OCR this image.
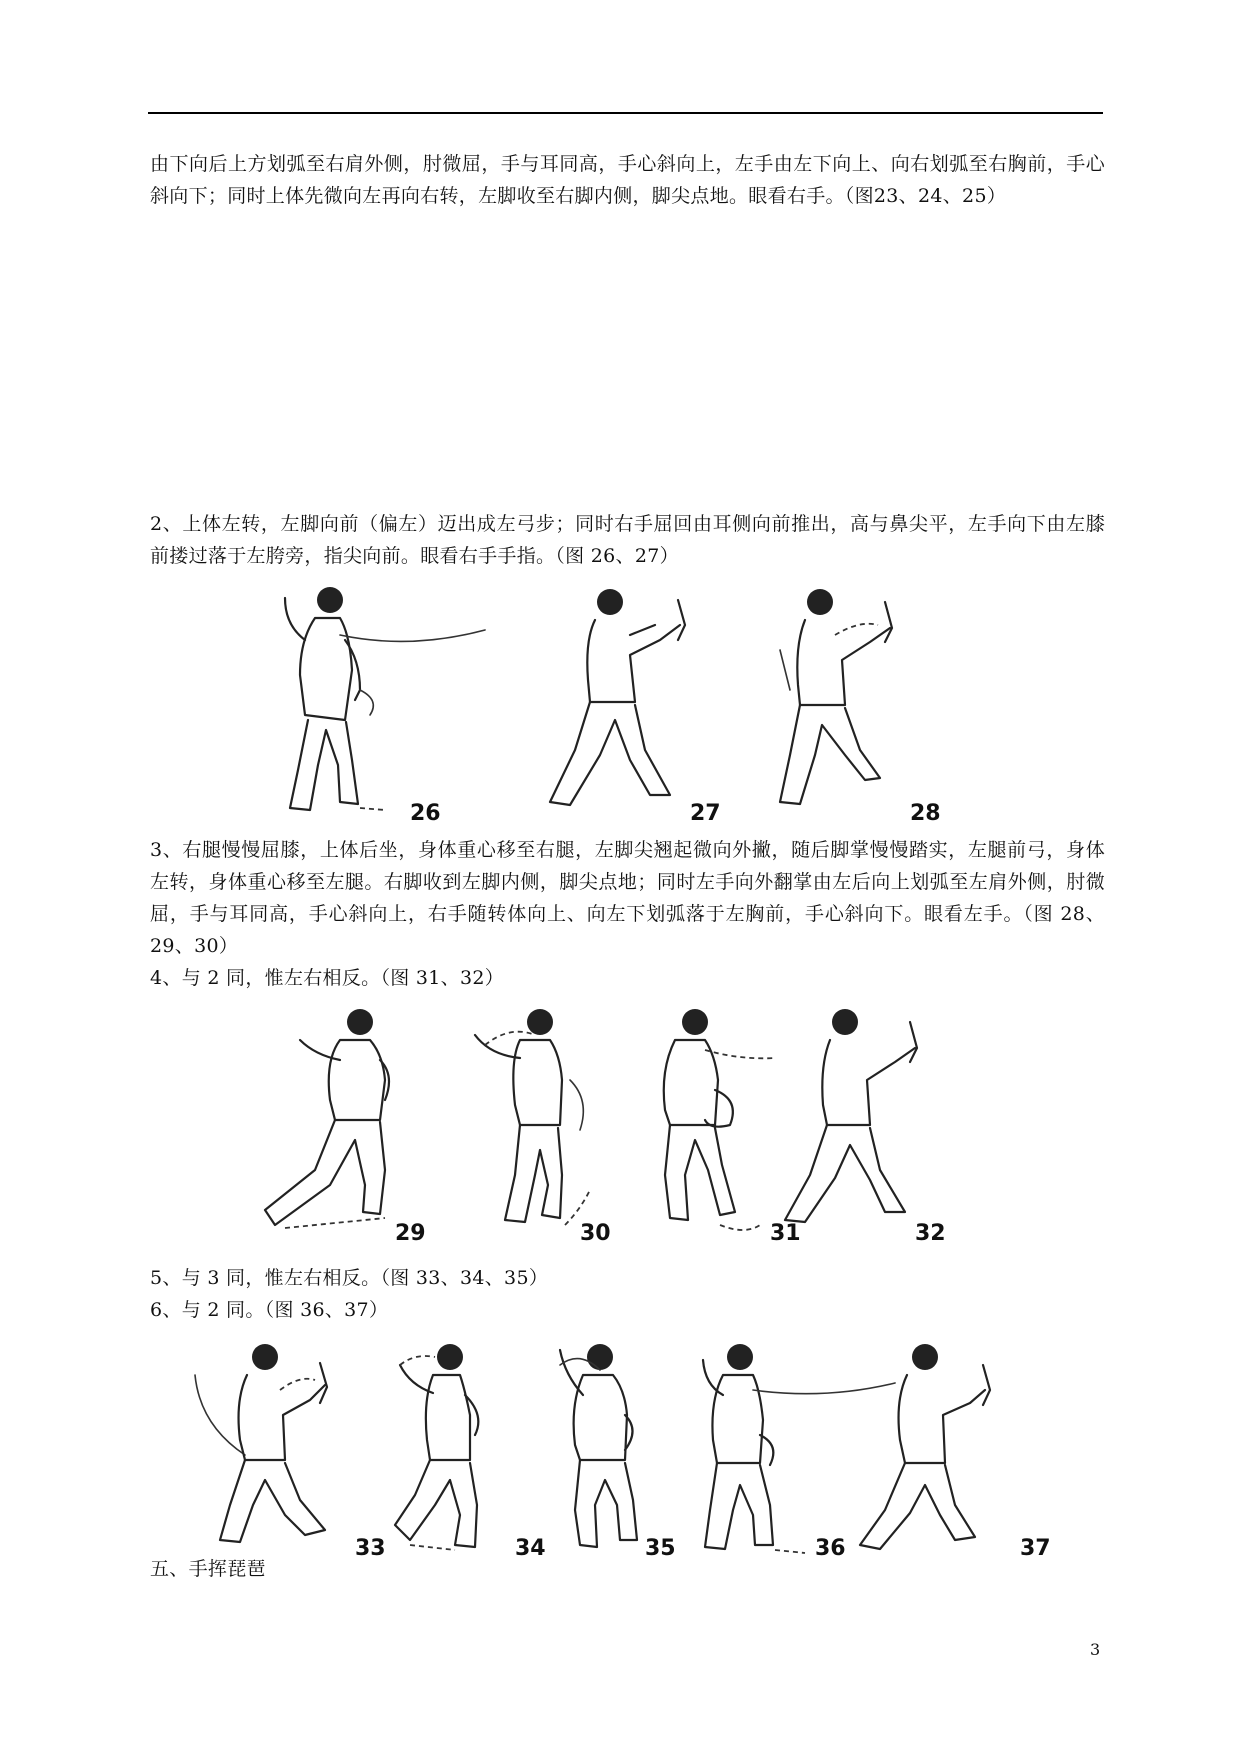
由下向后上方划弧至右肩外侧，肘微屈，手与耳同高，手心斜向上，左手由左下向上、向右划弧至右胸前，手心斜向下；同时上体先微向左再向右转，左脚收至右脚内侧，脚尖点地。眼看右手。（图23、24、25）
2、上体左转，左脚向前（偏左）迈出成左弓步；同时右手屈回由耳侧向前推出，高与鼻尖平，左手向下由左膝前搂过落于左胯旁，指尖向前。眼看右手手指。（图 26、27）
26	27	28
3、右腿慢慢屈膝，上体后坐，身体重心移至右腿，左脚尖翘起微向外撇，随后脚掌慢慢踏实，左腿前弓，身体左转，身体重心移至左腿。右脚收到左脚内侧，脚尖点地；同时左手向外翻掌由左后向上划弧至左肩外侧，肘微屈，手与耳同高，手心斜向上，右手随转体向上、向左下划弧落于左胸前，手心斜向下。眼看左手。（图 28、29、30）
4、与 2 同，惟左右相反。（图 31、32）
29	30	31	32
5、与 3 同，惟左右相反。（图 33、34、35）
6、与 2 同。（图 36、37）
33	34	35	36	37
五、手挥琵琶
3
